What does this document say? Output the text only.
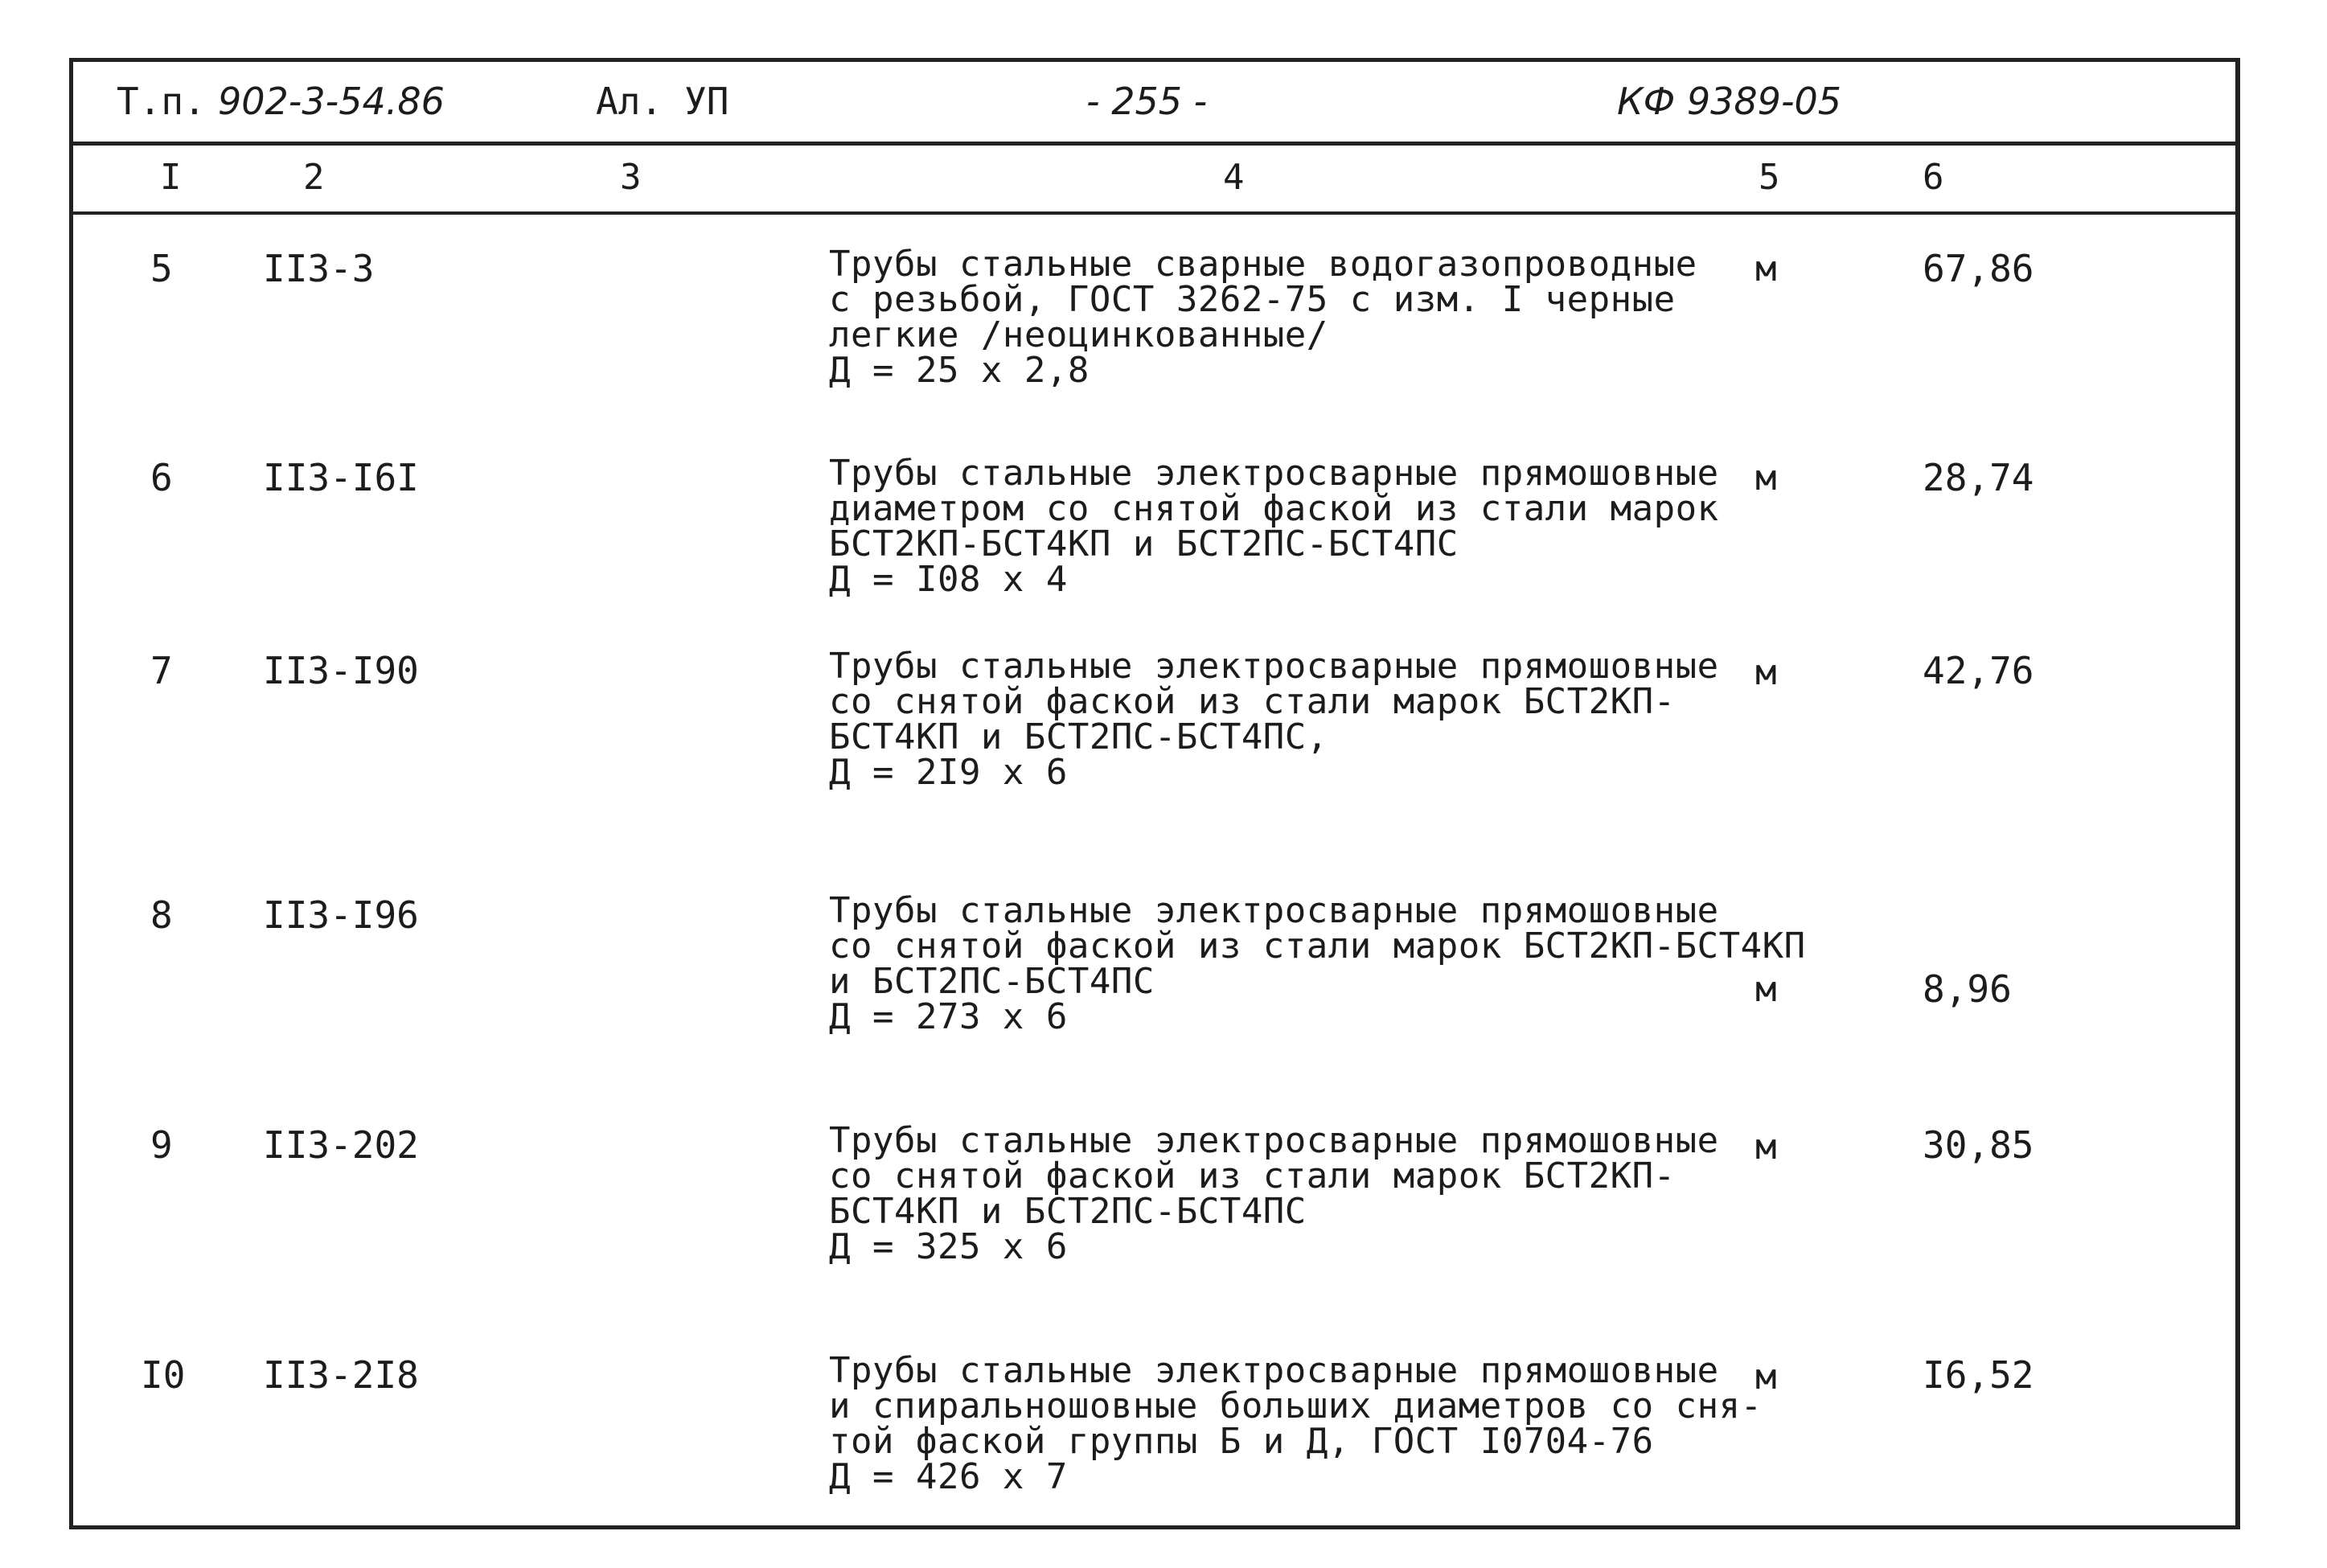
Т.п. 902-3-54.86	Ал. УП	- 255 -	КФ 9389-05
I	2	3	4	5	6
5 II3-3	Трубы стальные сварные водогазопроводные
с резьбой, ГОСТ 3262-75 с изм. I черные
легкие /неоцинкованные/
Д = 25 х 2,8
м	67,86
6 II3-I6I	Трубы стальные электросварные прямошовные
диаметром со снятой фаской из стали марок
БСТ2КП-БСТ4КП и БСТ2ПС-БСТ4ПС
Д = I08 х 4
м	28,74
7 II3-I90	Трубы стальные электросварные прямошовные
со снятой фаской из стали марок БСТ2КП-
БСТ4КП и БСТ2ПС-БСТ4ПС,
Д = 2I9 х 6
м	42,76
8 II3-I96	Трубы стальные электросварные прямошовные
со снятой фаской из стали марок БСТ2КП-БСТ4КП
и БСТ2ПС-БСТ4ПС
Д = 273 х 6
м	8,96
9 II3-202	Трубы стальные электросварные прямошовные
со снятой фаской из стали марок БСТ2КП-
БСТ4КП и БСТ2ПС-БСТ4ПС
Д = 325 х 6
м	30,85
I0 II3-2I8	Трубы стальные электросварные прямошовные
и спиральношовные больших диаметров со сня-
той фаской группы Б и Д, ГОСТ I0704-76
Д = 426 х 7
м	I6,52
